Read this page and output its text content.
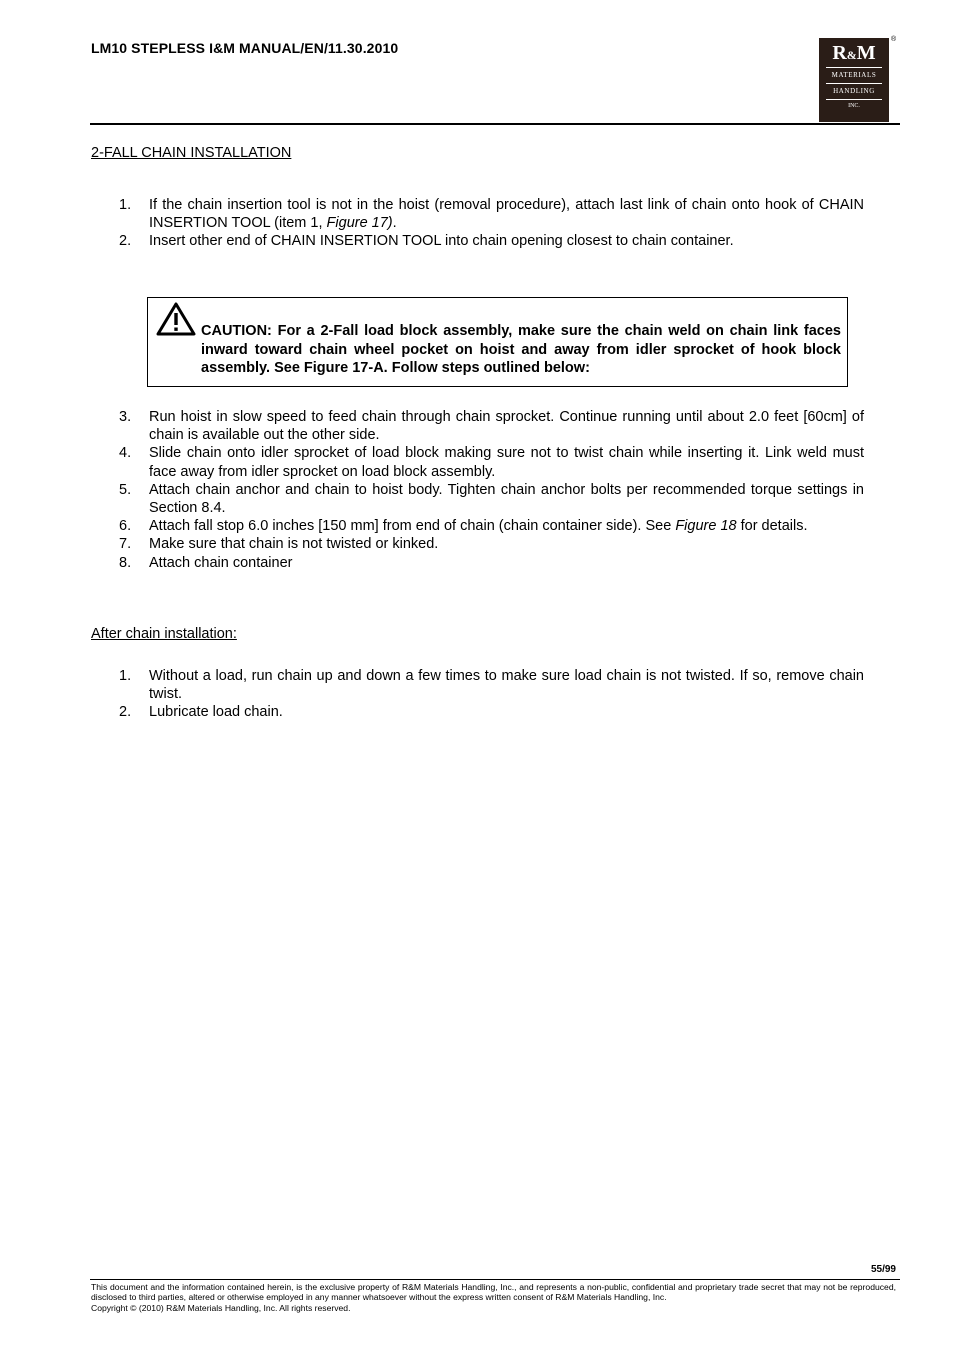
LM10 STEPLESS I&M MANUAL/EN/11.30.2010	R&M
MATERIALS
HANDLING
INC.
®
2-FALL CHAIN INSTALLATION
1. If the chain insertion tool is not in the hoist (removal procedure), attach last link of chain onto hook of CHAIN INSERTION TOOL (item 1, Figure 17).
2. Insert other end of CHAIN INSERTION TOOL into chain opening closest to chain container.
CAUTION: For a 2-Fall load block assembly, make sure the chain weld on chain link faces inward toward chain wheel pocket on hoist and away from idler sprocket of hook block assembly. See Figure 17-A. Follow steps outlined below:
3. Run hoist in slow speed to feed chain through chain sprocket. Continue running until about 2.0 feet [60cm] of chain is available out the other side.
4. Slide chain onto idler sprocket of load block making sure not to twist chain while inserting it. Link weld must face away from idler sprocket on load block assembly.
5. Attach chain anchor and chain to hoist body. Tighten chain anchor bolts per recommended torque settings in Section 8.4.
6. Attach fall stop 6.0 inches [150 mm] from end of chain (chain container side). See Figure 18 for details.
7. Make sure that chain is not twisted or kinked.
8. Attach chain container
After chain installation:
1. Without a load, run chain up and down a few times to make sure load chain is not twisted. If so, remove chain twist.
2. Lubricate load chain.
55/99
This document and the information contained herein, is the exclusive property of R&M Materials Handling, Inc., and represents a non-public, confidential and proprietary trade secret that may not be reproduced, disclosed to third parties, altered or otherwise employed in any manner whatsoever without the express written consent of R&M Materials Handling, Inc.
Copyright © (2010) R&M Materials Handling, Inc. All rights reserved.
